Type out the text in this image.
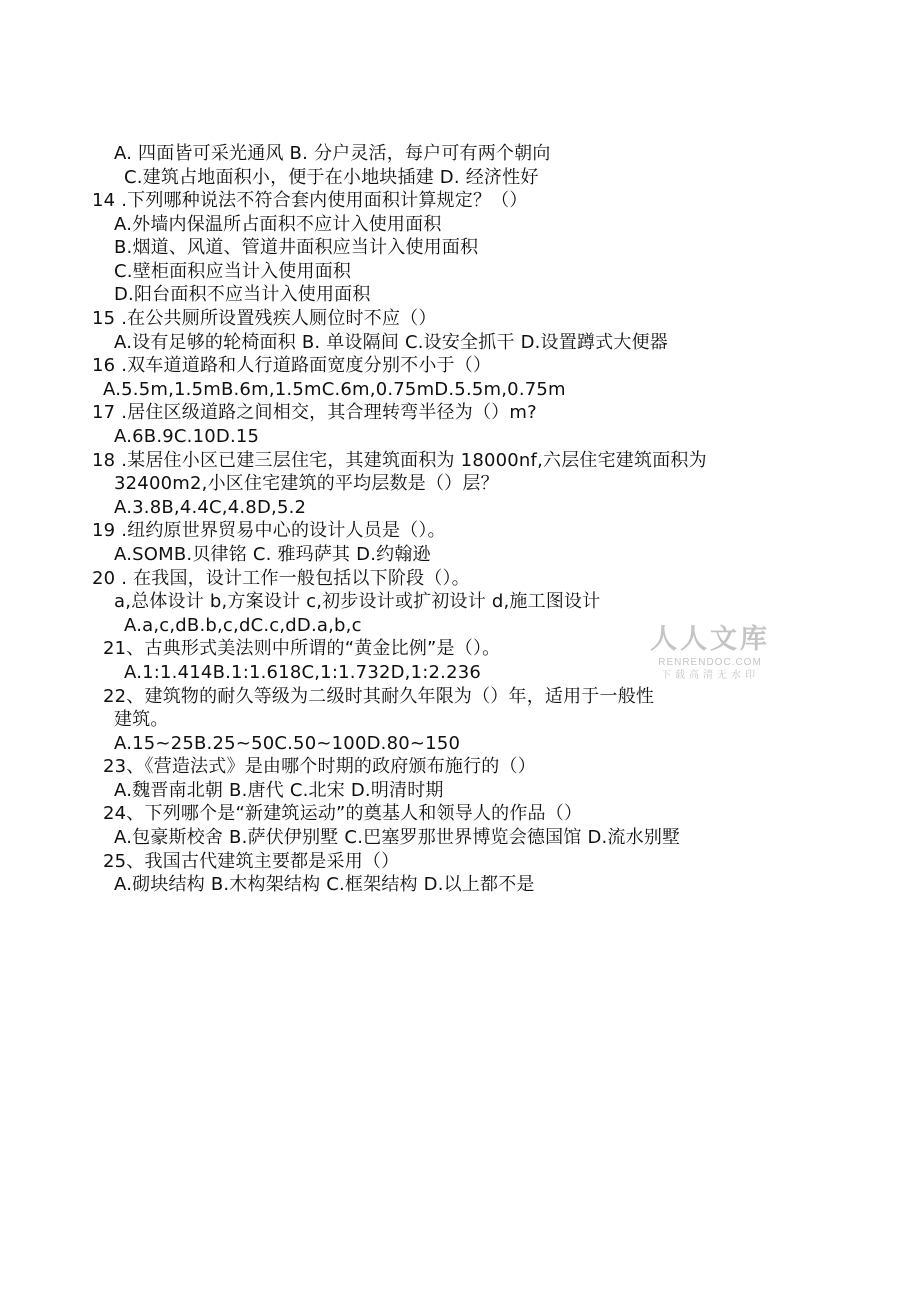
A. 四面皆可采光通风 B. 分户灵活，每户可有两个朝向
C.建筑占地面积小，便于在小地块插建 D. 经济性好
14 .下列哪种说法不符合套内使用面积计算规定？（）
A.外墙内保温所占面积不应计入使用面积
B.烟道、风道、管道井面积应当计入使用面积
C.壁柜面积应当计入使用面积
D.阳台面积不应当计入使用面积
15 .在公共厕所设置残疾人厕位时不应（）
A.设有足够的轮椅面积 B. 单设隔间 C.设安全抓干 D.设置蹲式大便器
16 .双车道道路和人行道路面宽度分别不小于（）
A.5.5m,1.5mB.6m,1.5mC.6m,0.75mD.5.5m,0.75m
17 .居住区级道路之间相交，其合理转弯半径为（）m?
A.6B.9C.10D.15
18 .某居住小区已建三层住宅，其建筑面积为 18000nf,六层住宅建筑面积为
32400m2,小区住宅建筑的平均层数是（）层？
A.3.8B,4.4C,4.8D,5.2
19 .纽约原世界贸易中心的设计人员是（）。
A.SOMB.贝律铭 C. 雅玛萨其 D.约翰逊
20 . 在我国，设计工作一般包括以下阶段（）。
a,总体设计 b,方案设计 c,初步设计或扩初设计 d,施工图设计
A.a,c,dB.b,c,dC.c,dD.a,b,c
21、古典形式美法则中所谓的“黄金比例”是（）。
A.1:1.414B.1:1.618C,1:1.732D,1:2.236
22、建筑物的耐久等级为二级时其耐久年限为（）年，适用于一般性
建筑。
A.15~25B.25~50C.50~100D.80~150
23、《营造法式》是由哪个时期的政府颁布施行的（）
A.魏晋南北朝 B.唐代 C.北宋 D.明清时期
24、下列哪个是“新建筑运动”的奠基人和领导人的作品（）
A.包豪斯校舍 B.萨伏伊别墅 C.巴塞罗那世界博览会德国馆 D.流水别墅
25、我国古代建筑主要都是采用（）
A.砌块结构 B.木构架结构 C.框架结构 D.以上都不是
人人文库
RENRENDOC.COM
下载高清无水印
